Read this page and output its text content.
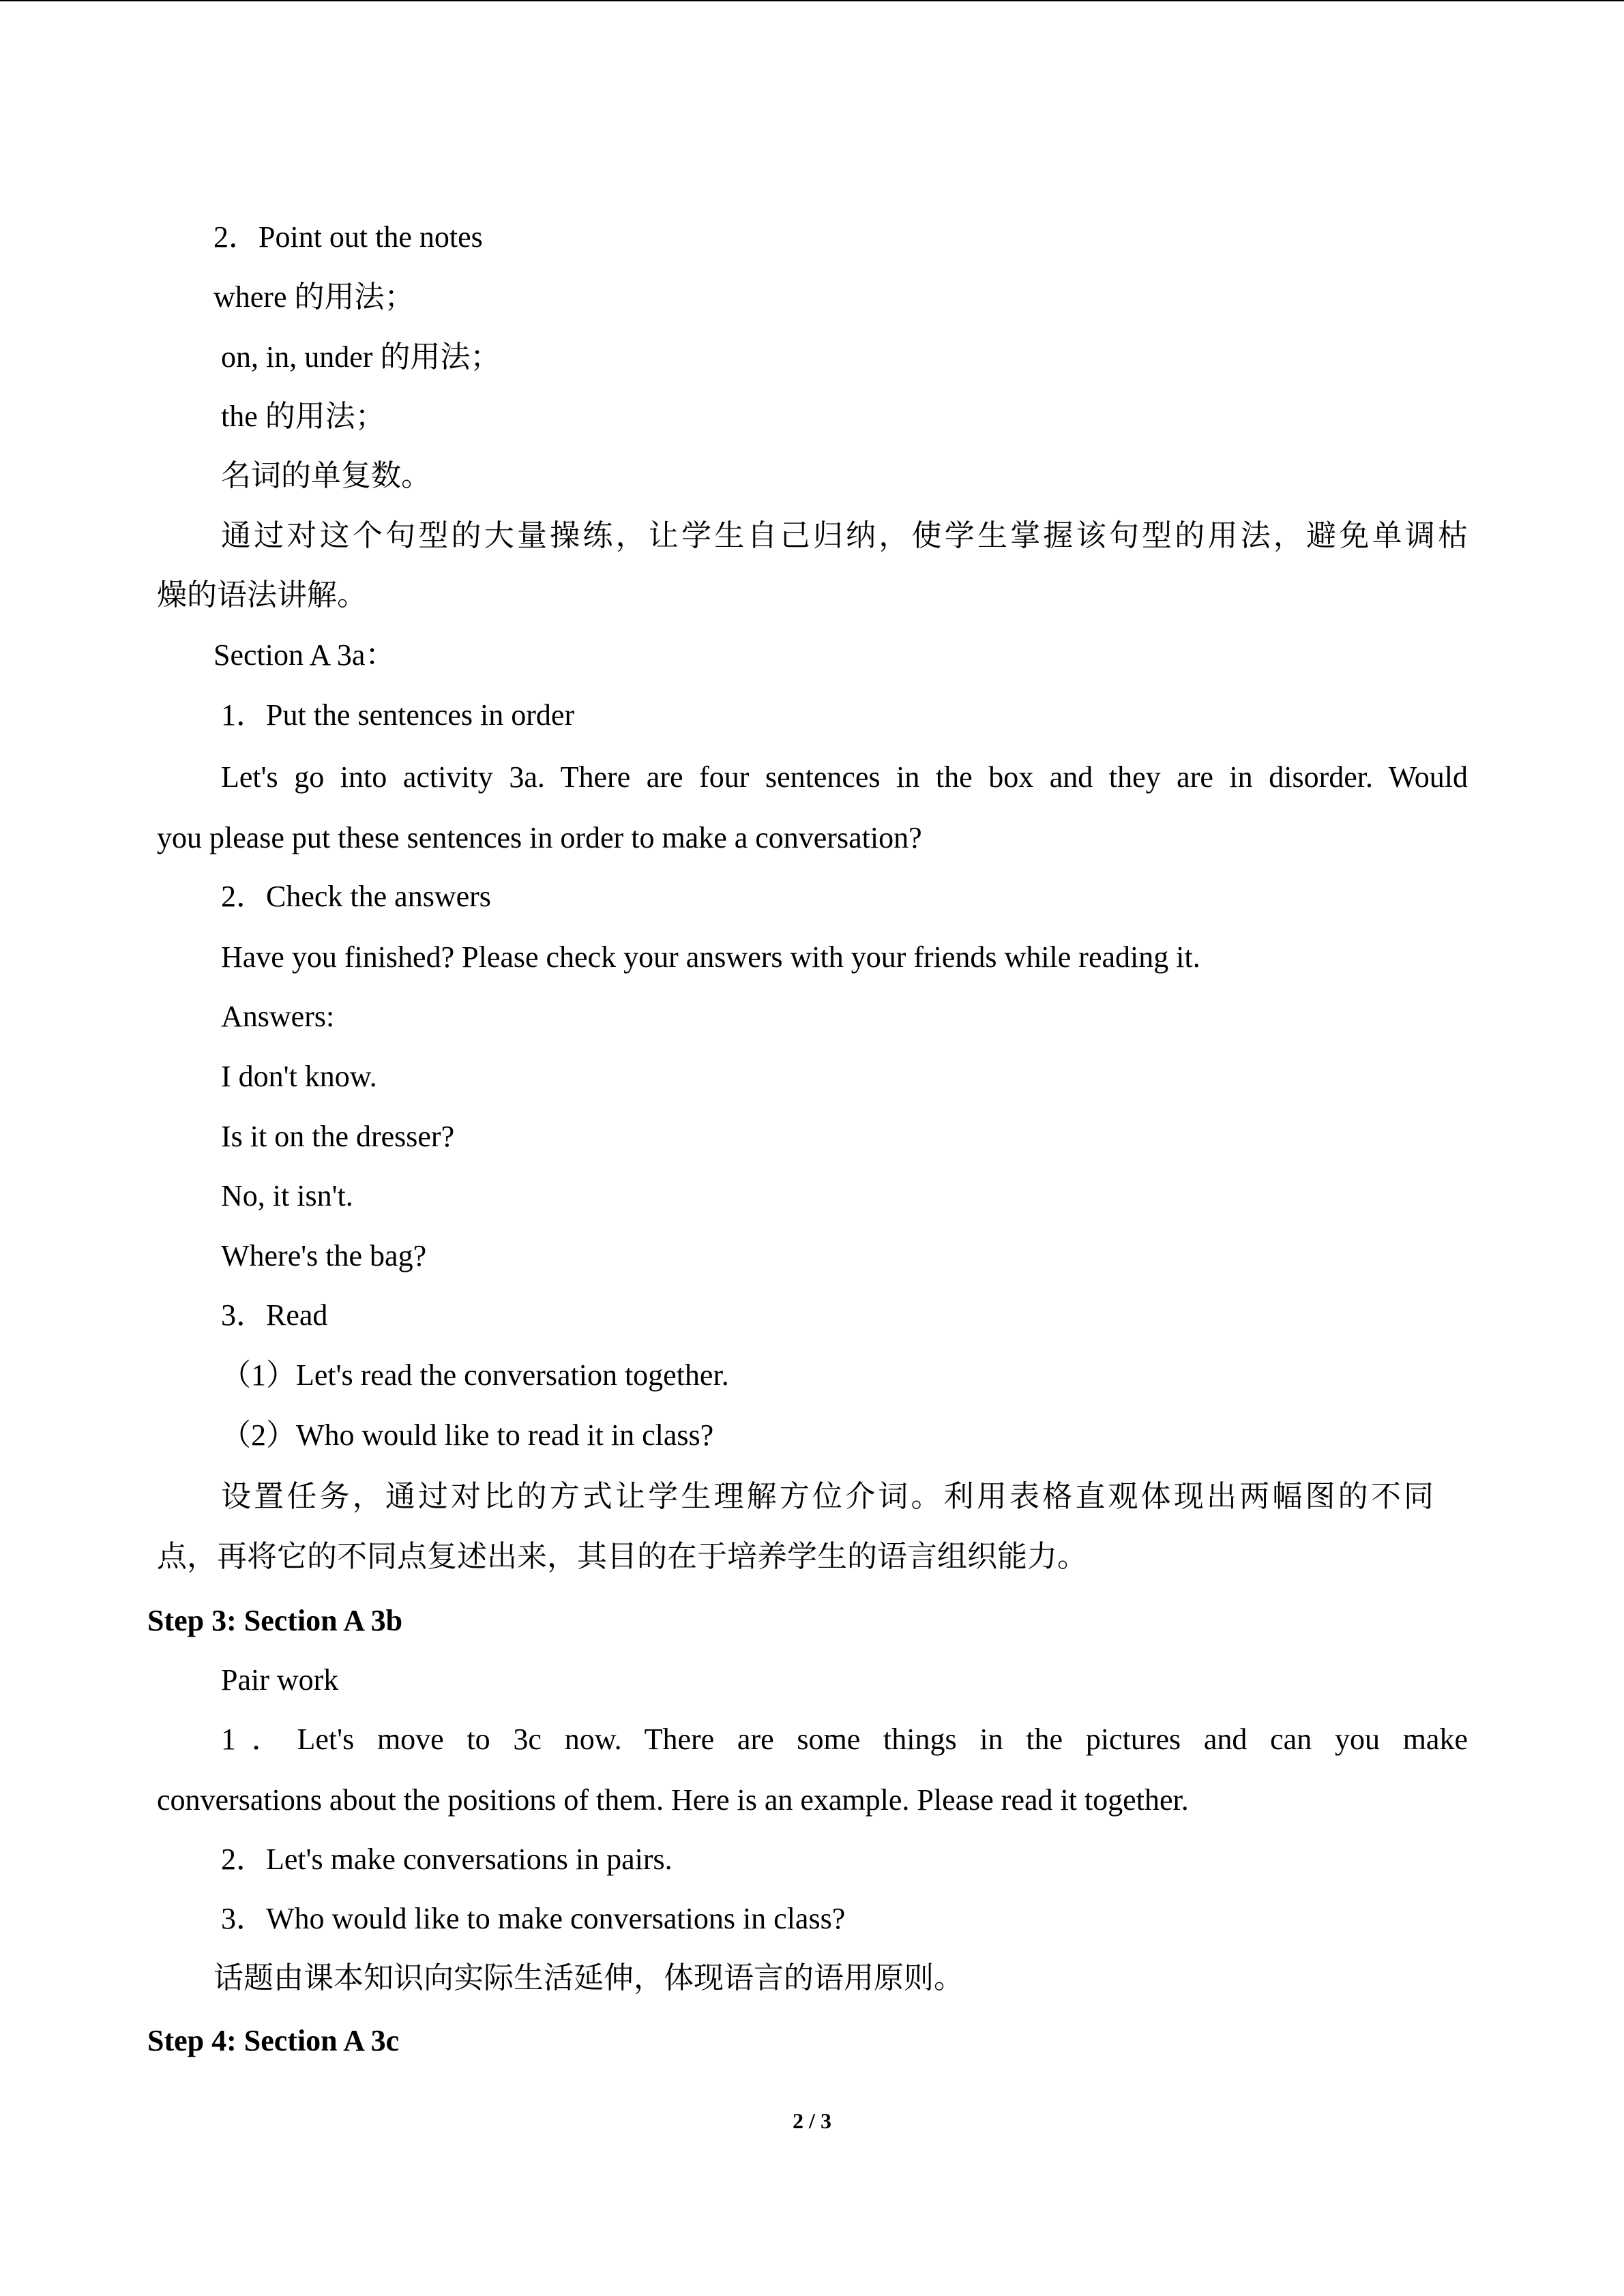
2．Point out the notes
where 的用法；
on, in, under 的用法；
the 的用法；
名词的单复数。
通过对这个句型的大量操练，让学生自己归纳，使学生掌握该句型的用法，避免单调枯
燥的语法讲解。
Section A 3a：
1．Put the sentences in order
Let's go into activity 3a. There are four sentences in the box and they are in disorder. Would
you please put these sentences in order to make a conversation?
2．Check the answers
Have you finished? Please check your answers with your friends while reading it.
Answers:
I don't know.
Is it on the dresser?
No, it isn't.
Where's the bag?
3．Read
（1）Let's read the conversation together.
（2）Who would like to read it in class?
设置任务，通过对比的方式让学生理解方位介词。利用表格直观体现出两幅图的不同
点，再将它的不同点复述出来，其目的在于培养学生的语言组织能力。
Step 3: Section A 3b
Pair work
1．Let's move to 3c now. There are some things in the pictures and can you make
conversations about the positions of them. Here is an example. Please read it together.
2．Let's make conversations in pairs.
3．Who would like to make conversations in class?
话题由课本知识向实际生活延伸，体现语言的语用原则。
Step 4: Section A 3c
2 / 3
